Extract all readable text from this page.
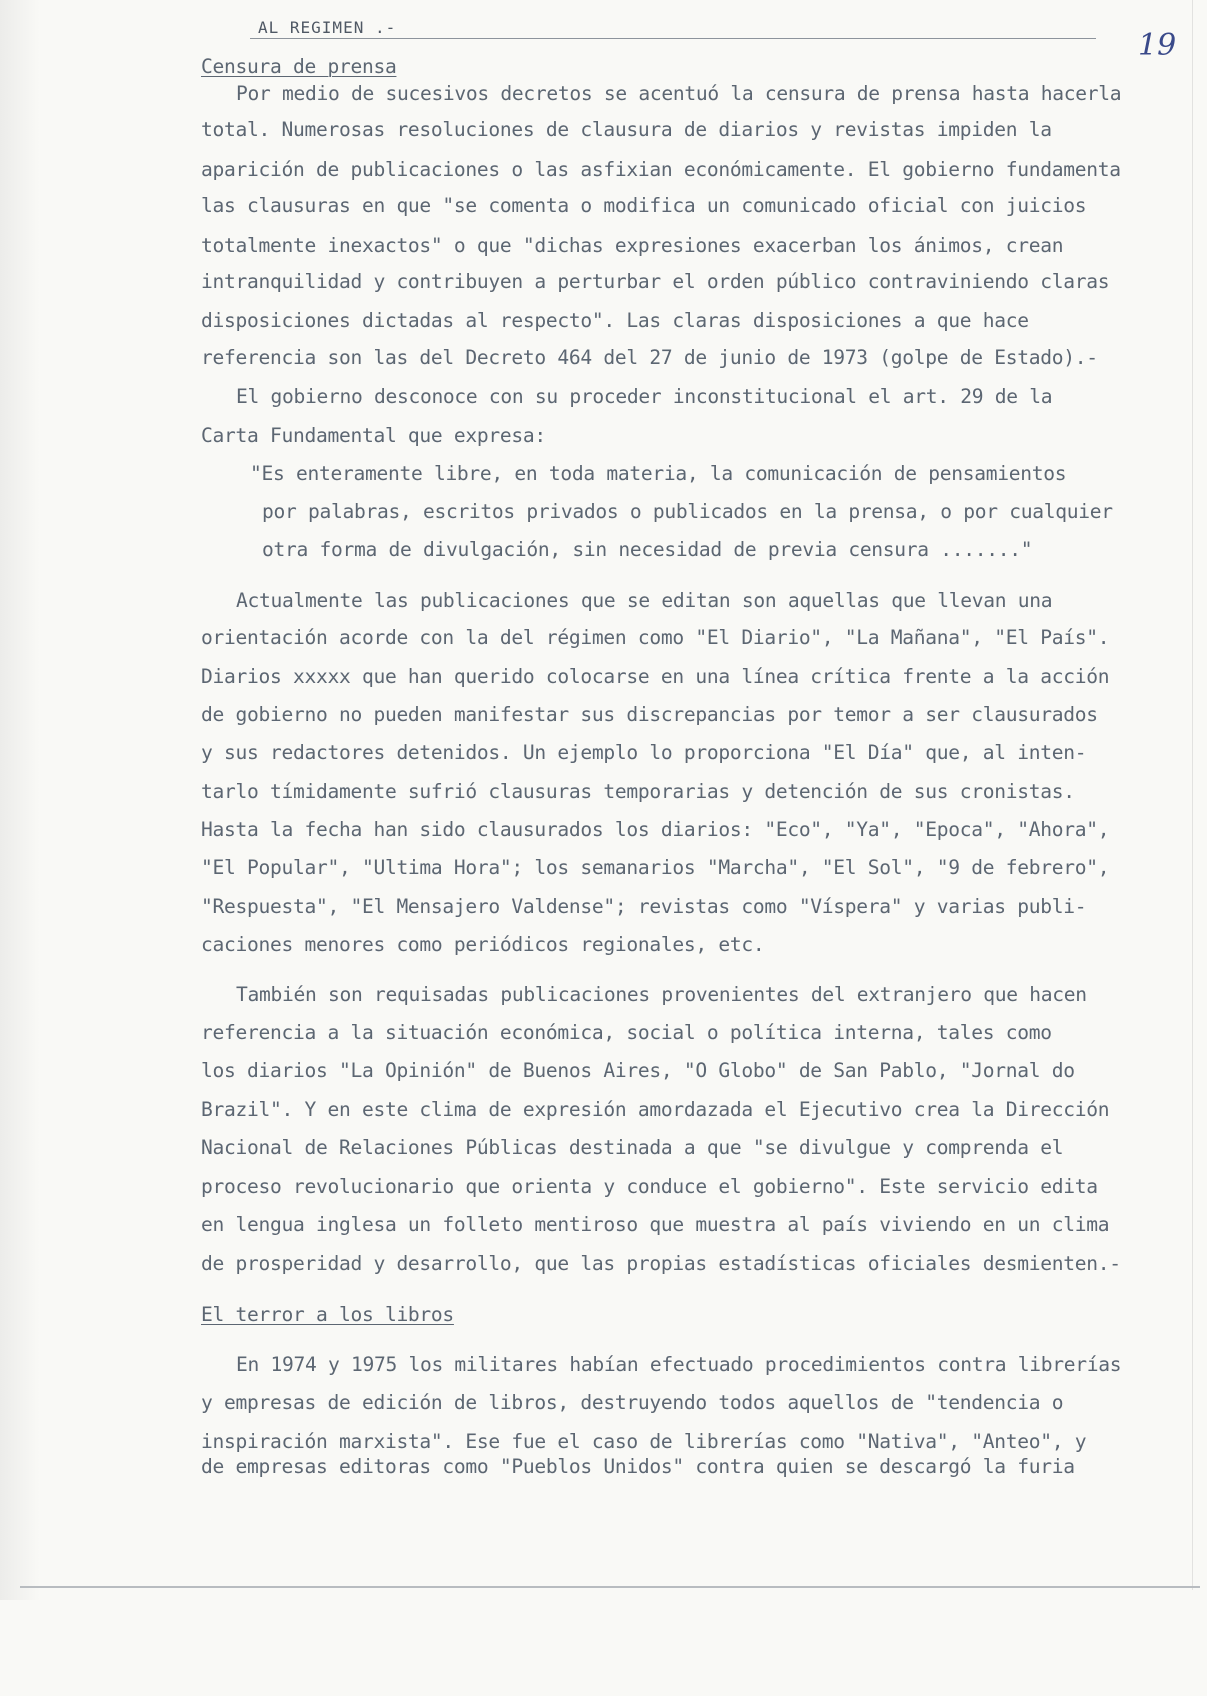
AL REGIMEN .-
19
Censura de prensa
Por medio de sucesivos decretos se acentuó la censura de prensa hasta hacerla
total. Numerosas resoluciones de clausura de diarios y revistas impiden la
aparición de publicaciones o las asfixian económicamente. El gobierno fundamenta
las clausuras en que "se comenta o modifica un comunicado oficial con juicios
totalmente inexactos" o que "dichas expresiones exacerban los ánimos, crean
intranquilidad y contribuyen a perturbar el orden público contraviniendo claras
disposiciones dictadas al respecto". Las claras disposiciones a que hace
referencia son las del Decreto 464 del 27 de junio de 1973 (golpe de Estado).-
El gobierno desconoce con su proceder inconstitucional el art. 29 de la
Carta Fundamental que expresa:
"Es enteramente libre, en toda materia, la comunicación de pensamientos
por palabras, escritos privados o publicados en la prensa, o por cualquier
otra forma de divulgación, sin necesidad de previa censura ......."
Actualmente las publicaciones que se editan son aquellas que llevan una
orientación acorde con la del régimen como "El Diario", "La Mañana", "El País".
Diarios xxxxx que han querido colocarse en una línea crítica frente a la acción
de gobierno no pueden manifestar sus discrepancias por temor a ser clausurados
y sus redactores detenidos. Un ejemplo lo proporciona "El Día" que, al inten-
tarlo tímidamente sufrió clausuras temporarias y detención de sus cronistas.
Hasta la fecha han sido clausurados los diarios: "Eco", "Ya", "Epoca", "Ahora",
"El Popular", "Ultima Hora"; los semanarios "Marcha", "El Sol", "9 de febrero",
"Respuesta", "El Mensajero Valdense"; revistas como "Víspera" y varias publi-
caciones menores como periódicos regionales, etc.
También son requisadas publicaciones provenientes del extranjero que hacen
referencia a la situación económica, social o política interna, tales como
los diarios "La Opinión" de Buenos Aires, "O Globo" de San Pablo, "Jornal do
Brazil". Y en este clima de expresión amordazada el Ejecutivo crea la Dirección
Nacional de Relaciones Públicas destinada a que "se divulgue y comprenda el
proceso revolucionario que orienta y conduce el gobierno". Este servicio edita
en lengua inglesa un folleto mentiroso que muestra al país viviendo en un clima
de prosperidad y desarrollo, que las propias estadísticas oficiales desmienten.-
El terror a los libros
En 1974 y 1975 los militares habían efectuado procedimientos contra librerías
y empresas de edición de libros, destruyendo todos aquellos de "tendencia o
inspiración marxista". Ese fue el caso de librerías como "Nativa", "Anteo", y
de empresas editoras como "Pueblos Unidos" contra quien se descargó la furia
